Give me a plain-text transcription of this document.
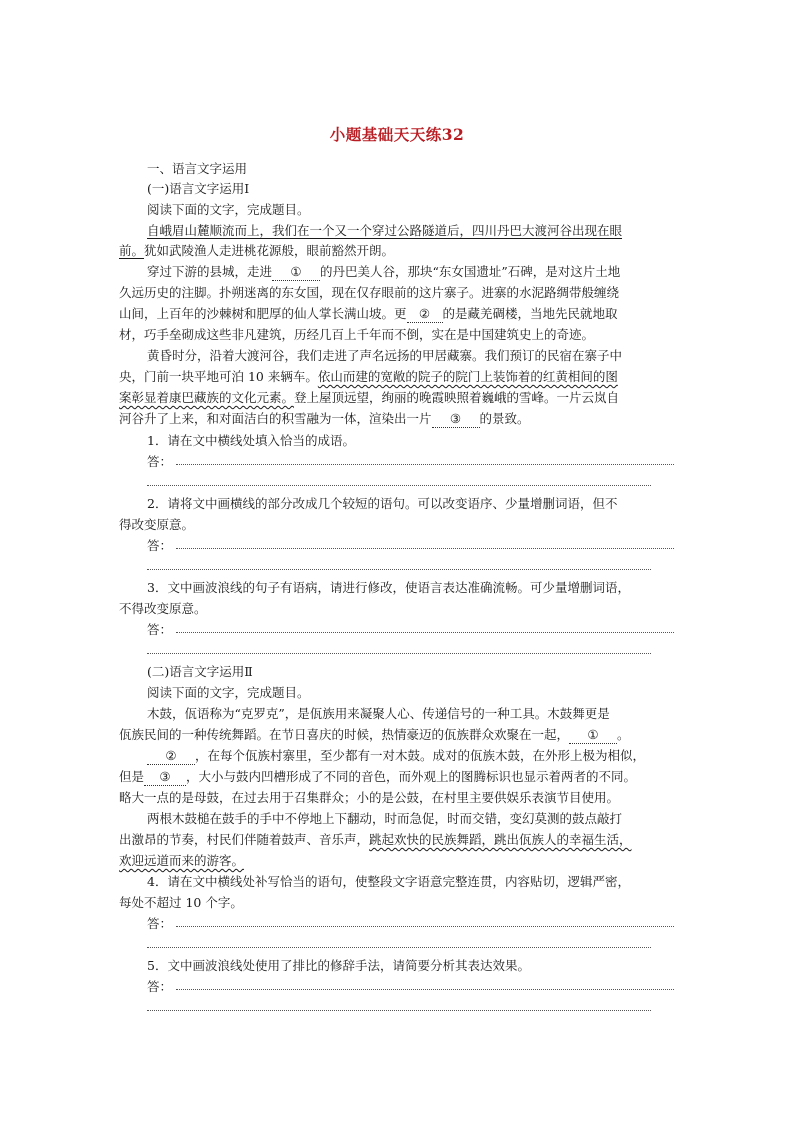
小题基础天天练32
一、语言文字运用
(一)语言文字运用Ⅰ
阅读下面的文字，完成题目。
自峨眉山麓顺流而上，我们在一个又一个穿过公路隧道后，四川丹巴大渡河谷出现在眼
前。犹如武陵渔人走进桃花源般，眼前豁然开朗。
穿过下游的县城，走进 ① 的丹巴美人谷，那块“东女国遗址”石碑，是对这片土地
久远历史的注脚。扑朔迷离的东女国，现在仅存眼前的这片寨子。进寨的水泥路绸带般缠绕
山间，上百年的沙棘树和肥厚的仙人掌长满山坡。更 ② 的是藏羌碉楼，当地先民就地取
材，巧手垒砌成这些非凡建筑，历经几百上千年而不倒，实在是中国建筑史上的奇迹。
黄昏时分，沿着大渡河谷，我们走进了声名远扬的甲居藏寨。我们预订的民宿在寨子中
央，门前一块平地可泊 10 来辆车。依山而建的宽敞的院子的院门上装饰着的红黄相间的图
案彰显着康巴藏族的文化元素。登上屋顶远望，绚丽的晚霞映照着巍峨的雪峰。一片云岚自
河谷升了上来，和对面洁白的积雪融为一体，渲染出一片 ③ 的景致。
1．请在文中横线处填入恰当的成语。
答：
2．请将文中画横线的部分改成几个较短的语句。可以改变语序、少量增删词语，但不
得改变原意。
答：
3．文中画波浪线的句子有语病，请进行修改，使语言表达准确流畅。可少量增删词语，
不得改变原意。
答：
(二)语言文字运用Ⅱ
阅读下面的文字，完成题目。
木鼓，佤语称为“克罗克”，是佤族用来凝聚人心、传递信号的一种工具。木鼓舞更是
佤族民间的一种传统舞蹈。在节日喜庆的时候，热情豪迈的佤族群众欢聚在一起， ① 。
② ，在每个佤族村寨里，至少都有一对木鼓。成对的佤族木鼓，在外形上极为相似，
但是 ③ ，大小与鼓内凹槽形成了不同的音色，而外观上的图腾标识也显示着两者的不同。
略大一点的是母鼓，在过去用于召集群众；小的是公鼓，在村里主要供娱乐表演节目使用。
两根木鼓槌在鼓手的手中不停地上下翻动，时而急促，时而交错，变幻莫测的鼓点敲打
出激昂的节奏，村民们伴随着鼓声、音乐声，跳起欢快的民族舞蹈，跳出佤族人的幸福生活，
欢迎远道而来的游客。
4．请在文中横线处补写恰当的语句，使整段文字语意完整连贯，内容贴切，逻辑严密，
每处不超过 10 个字。
答：
5．文中画波浪线处使用了排比的修辞手法，请简要分析其表达效果。
答：
